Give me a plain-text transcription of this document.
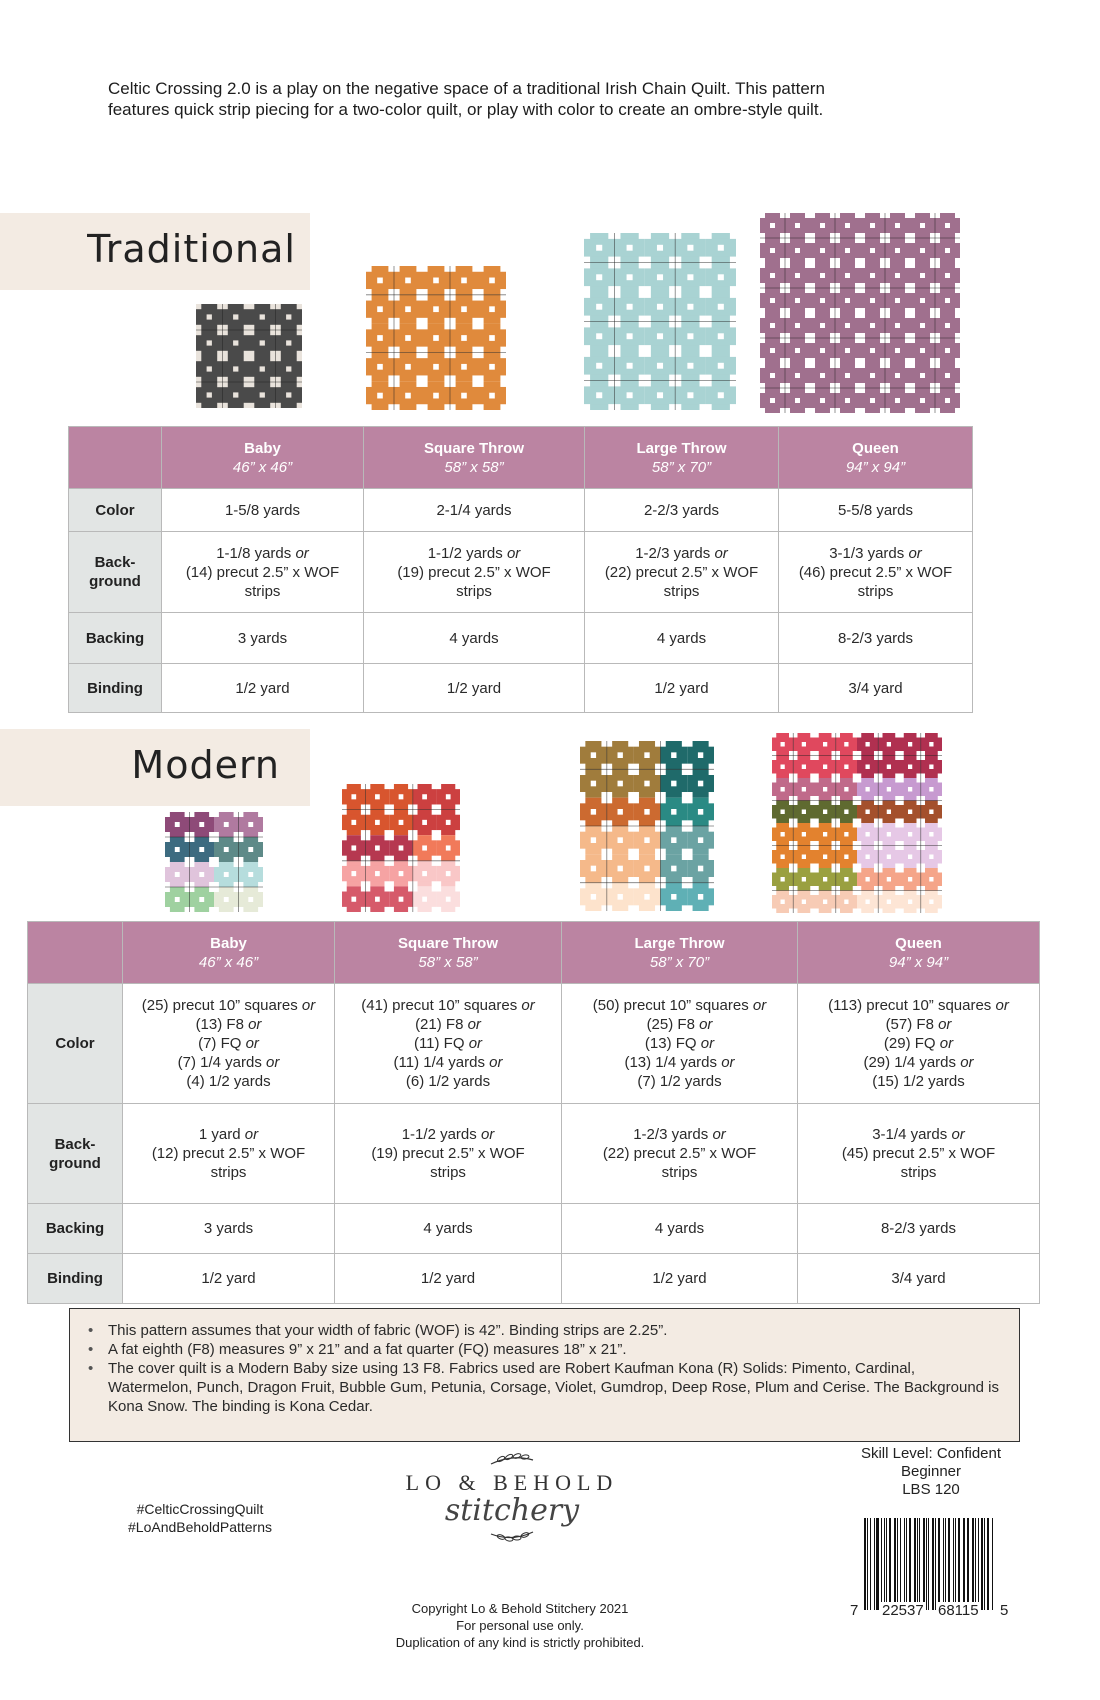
Celtic Crossing 2.0 is a play on the negative space of a traditional Irish Chain Quilt. This pattern
features quick strip piecing for a two-color quilt, or play with color to create an ombre-style quilt.
Traditional
	Baby
46” x 46”	Square Throw
58” x 58”	Large Throw
58” x 70”	Queen
94” x 94”

Color	1-5/8 yards	2-1/4 yards	2-2/3 yards	5-5/8 yards
Back-
ground	1-1/8 yards or
(14) precut 2.5” x WOF
strips	1-1/2 yards or
(19) precut 2.5” x WOF
strips	1-2/3 yards or
(22) precut 2.5” x WOF
strips	3-1/3 yards or
(46) precut 2.5” x WOF
strips
Backing	3 yards	4 yards	4 yards	8-2/3 yards
Binding	1/2 yard	1/2 yard	1/2 yard	3/4 yard
Modern
	Baby
46” x 46”	Square Throw
58” x 58”	Large Throw
58” x 70”	Queen
94” x 94”

Color	(25) precut 10” squares or
(13) F8 or
(7) FQ or
(7) 1/4 yards or
(4) 1/2 yards	(41) precut 10” squares or
(21) F8 or
(11) FQ or
(11) 1/4 yards or
(6) 1/2 yards	(50) precut 10” squares or
(25) F8 or
(13) FQ or
(13) 1/4 yards or
(7) 1/2 yards	(113) precut 10” squares or
(57) F8 or
(29) FQ or
(29) 1/4 yards or
(15) 1/2 yards
Back-
ground	1 yard or
(12) precut 2.5” x WOF
strips	1-1/2 yards or
(19) precut 2.5” x WOF
strips	1-2/3 yards or
(22) precut 2.5” x WOF
strips	3-1/4 yards or
(45) precut 2.5” x WOF
strips
Backing	3 yards	4 yards	4 yards	8-2/3 yards
Binding	1/2 yard	1/2 yard	1/2 yard	3/4 yard
• This pattern assumes that your width of fabric (WOF) is 42”. Binding strips are 2.25”.
• A fat eighth (F8) measures 9” x 21” and a fat quarter (FQ) measures 18” x 21”.
• The cover quilt is a Modern Baby size using 13 F8. Fabrics used are Robert Kaufman Kona (R) Solids: Pimento, Cardinal, Watermelon, Punch, Dragon Fruit, Bubble Gum, Petunia, Corsage, Violet, Gumdrop, Deep Rose, Plum and Cerise. The Background is Kona Snow. The binding is Kona Cedar.
#CelticCrossingQuilt
#LoAndBeholdPatterns
LO & BEHOLD
stitchery
Copyright Lo & Behold Stitchery 2021
For personal use only.
Duplication of any kind is strictly prohibited.
Skill Level: Confident
Beginner
LBS 120
7 22537 68115 5
